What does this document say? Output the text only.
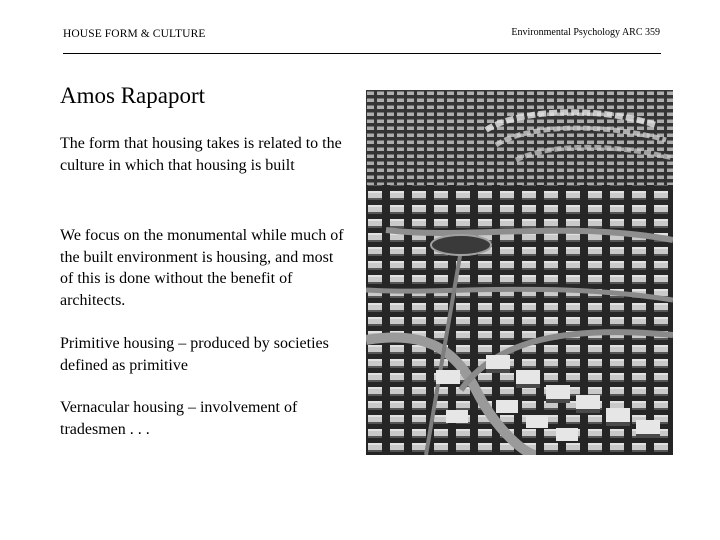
HOUSE FORM & CULTURE	Environmental Psychology ARC 359
Amos Rapaport
The form that housing takes is related to the culture in which that housing is built
We focus on the monumental while much of the built environment is housing, and most of this is done without the benefit of architects.
Primitive housing – produced by societies defined as primitive
Vernacular housing – involvement of tradesmen . . .
